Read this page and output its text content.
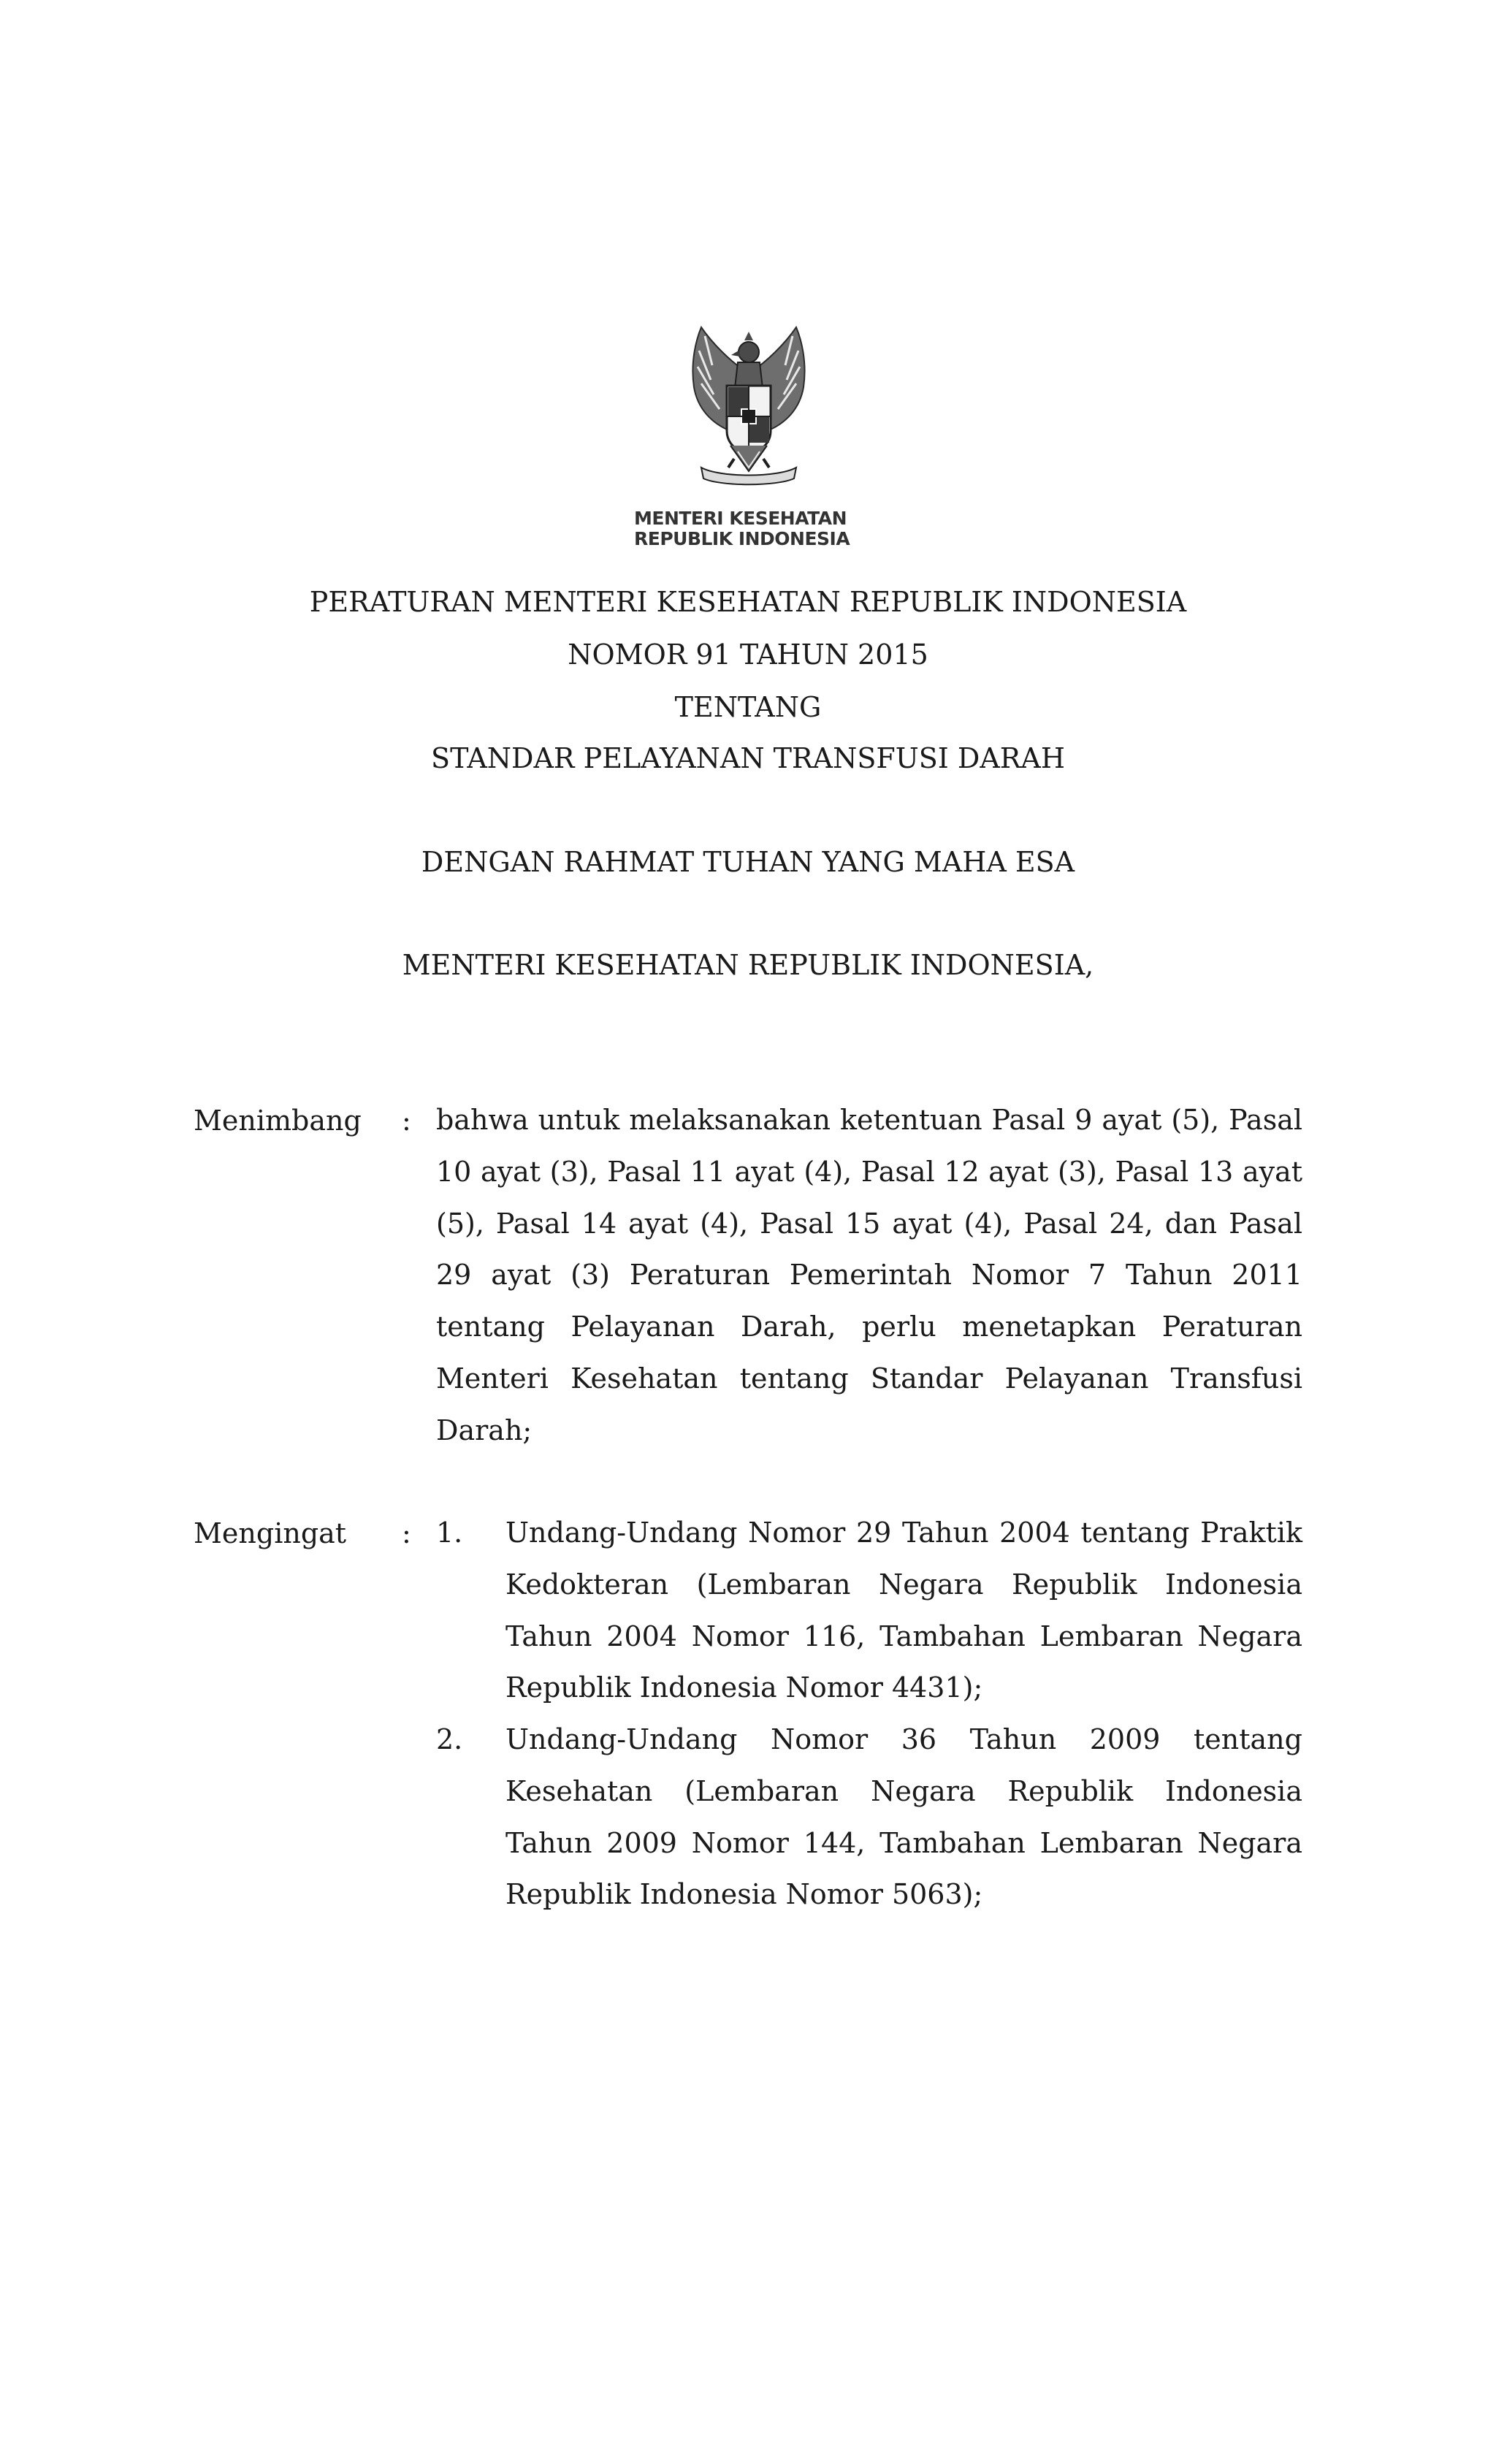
MENTERI KESEHATAN
REPUBLIK INDONESIA
PERATURAN MENTERI KESEHATAN REPUBLIK INDONESIA
NOMOR 91 TAHUN 2015
TENTANG
STANDAR PELAYANAN TRANSFUSI DARAH
DENGAN RAHMAT TUHAN YANG MAHA ESA
MENTERI KESEHATAN REPUBLIK INDONESIA,
Menimbang : bahwa untuk melaksanakan ketentuan Pasal 9 ayat (5), Pasal 10 ayat (3), Pasal 11 ayat (4), Pasal 12 ayat (3), Pasal 13 ayat (5), Pasal 14 ayat (4), Pasal 15 ayat (4), Pasal 24, dan Pasal 29 ayat (3) Peraturan Pemerintah Nomor 7 Tahun 2011 tentang Pelayanan Darah, perlu menetapkan Peraturan Menteri Kesehatan tentang Standar Pelayanan Transfusi Darah;
Mengingat : 1. Undang-Undang Nomor 29 Tahun 2004 tentang Praktik Kedokteran (Lembaran Negara Republik Indonesia Tahun 2004 Nomor 116, Tambahan Lembaran Negara Republik Indonesia Nomor 4431);
2. Undang-Undang Nomor 36 Tahun 2009 tentang Kesehatan (Lembaran Negara Republik Indonesia Tahun 2009 Nomor 144, Tambahan Lembaran Negara Republik Indonesia Nomor 5063);
